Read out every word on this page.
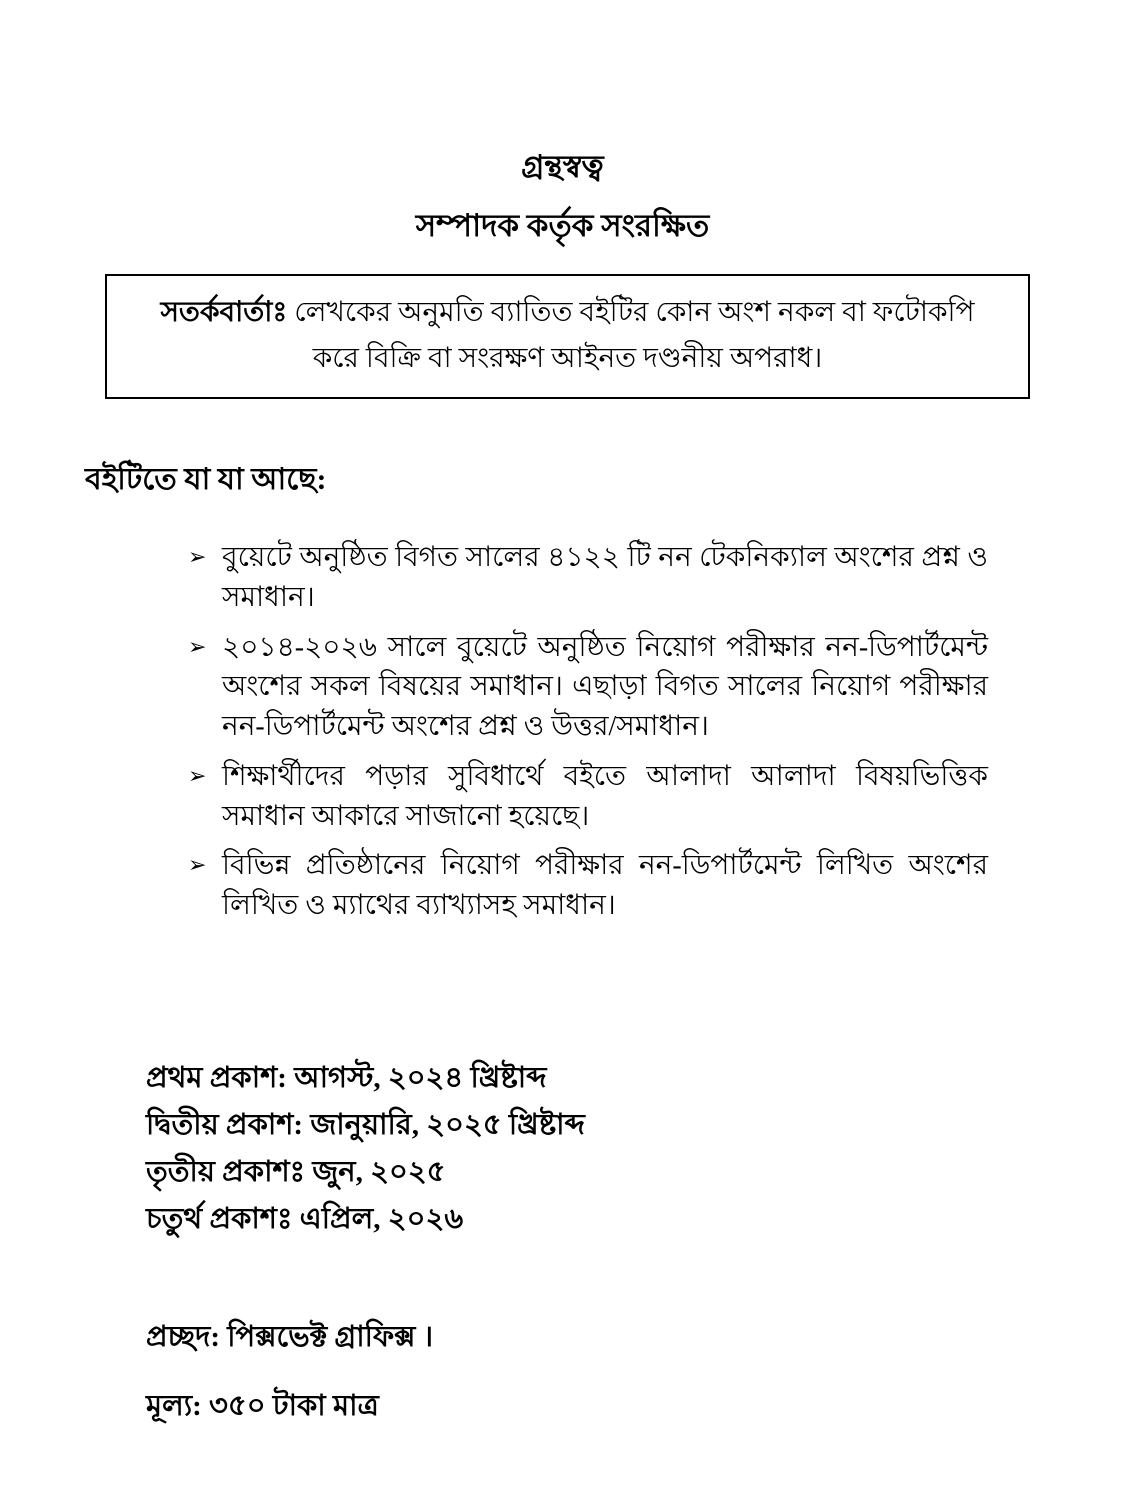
গ্রন্থস্বত্ব
সম্পাদক কর্তৃক সংরক্ষিত
সতর্কবার্তাঃ লেখকের অনুমতি ব্যাতিত বইটির কোন অংশ নকল বা ফটোকপি করে বিক্রি বা সংরক্ষণ আইনত দণ্ডনীয় অপরাধ।
বইটিতে যা যা আছে:
➢ বুয়েটে অনুষ্ঠিত বিগত সালের ৪১২২ টি নন টেকনিক্যাল অংশের প্রশ্ন ও সমাধান।
➢ ২০১৪-২০২৬ সালে বুয়েটে অনুষ্ঠিত নিয়োগ পরীক্ষার নন-ডিপার্টমেন্ট অংশের সকল বিষয়ের সমাধান। এছাড়া বিগত সালের নিয়োগ পরীক্ষার নন-ডিপার্টমেন্ট অংশের প্রশ্ন ও উত্তর/সমাধান।
➢ শিক্ষার্থীদের পড়ার সুবিধার্থে বইতে আলাদা আলাদা বিষয়ভিত্তিক সমাধান আকারে সাজানো হয়েছে।
➢ বিভিন্ন প্রতিষ্ঠানের নিয়োগ পরীক্ষার নন-ডিপার্টমেন্ট লিখিত অংশের লিখিত ও ম্যাথের ব্যাখ্যাসহ সমাধান।
প্রথম প্রকাশ: আগস্ট, ২০২৪ খ্রিষ্টাব্দ
দ্বিতীয় প্রকাশ: জানুয়ারি, ২০২৫ খ্রিষ্টাব্দ
তৃতীয় প্রকাশঃ জুন, ২০২৫
চতুর্থ প্রকাশঃ এপ্রিল, ২০২৬
প্রচ্ছদ: পিক্সভেক্ট গ্রাফিক্স ।
মূল্য: ৩৫০ টাকা মাত্র
